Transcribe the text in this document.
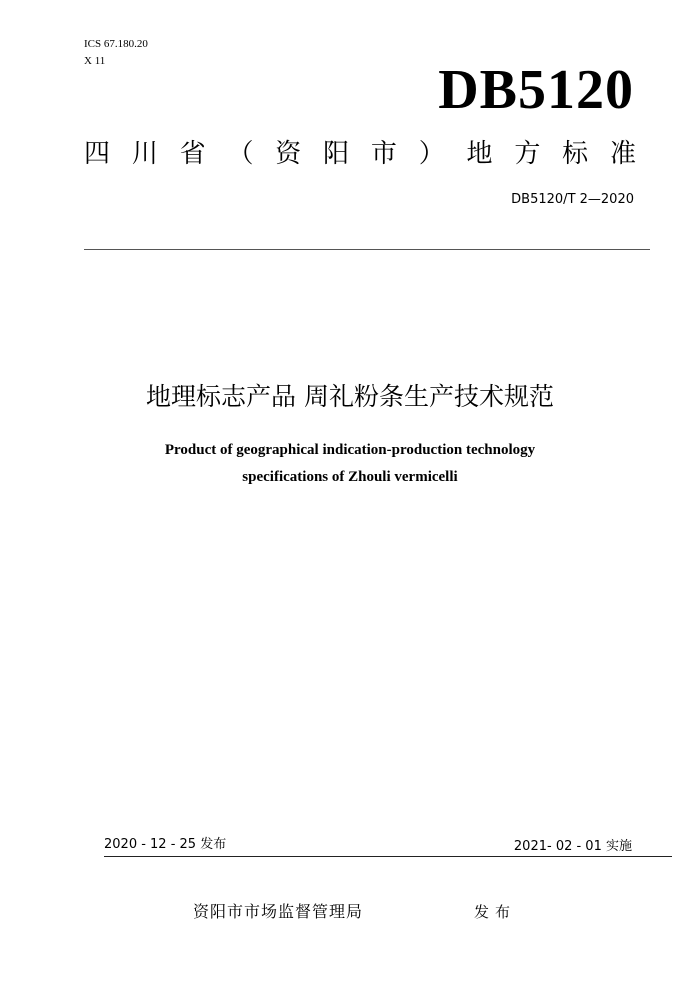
ICS 67.180.20
X 11	DB5120
四 川 省 （ 资 阳 市 ） 地 方 标 准
DB5120/T 2—2020
地理标志产品 周礼粉条生产技术规范
Product of geographical indication-production technology
specifications of Zhouli vermicelli
2020 - 12 - 25 发布	2021- 02 - 01 实施
资阳市市场监督管理局	发布
